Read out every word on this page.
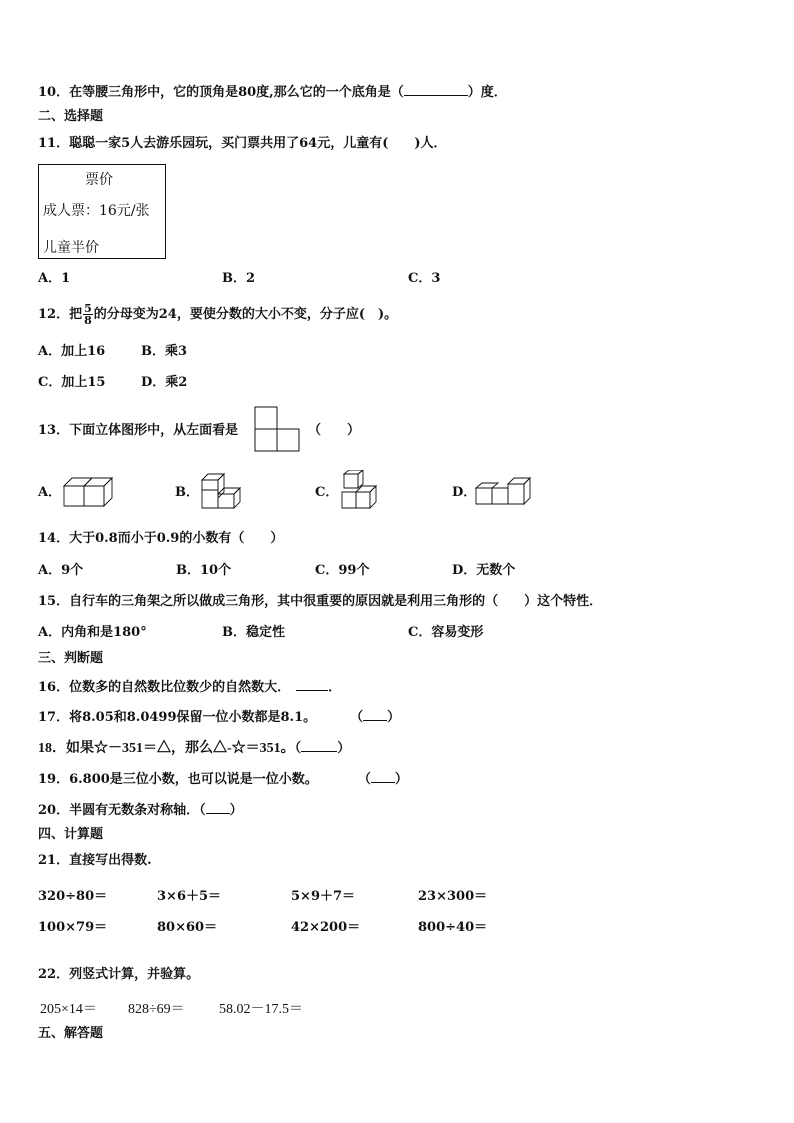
10．在等腰三角形中，它的顶角是80度,那么它的一个底角是（	）度．
二、选择题
11．聪聪一家5人去游乐园玩，买门票共用了64元，儿童有(　　)人．
票价
成人票：16元/张
儿童半价
A．1	B．2	C．3
12．把 $\frac{5}{8}$ 的分母变为24，要使分数的大小不变，分子应(　)。
A．加上16	B．乘3
C．加上15	D．乘2
13．下面立体图形中，从左面看是	（　　）
A．	B．	C．	D．
14．大于0.8而小于0.9的小数有（　　）
A．9个	B．10个	C．99个	D．无数个
15．自行车的三角架之所以做成三角形，其中很重要的原因就是利用三角形的（　　）这个特性．
A．内角和是180°	B．稳定性	C．容易变形
三、判断题
16．位数多的自然数比位数少的自然数大．	．
17．将8.05和8.0499保留一位小数都是8.1。	（ ）
18．如果☆－351＝△，那么△-☆＝351。（	）
19．6.800是三位小数，也可以说是一位小数。	（ ）
20．半圆有无数条对称轴．（ ）
四、计算题
21．直接写出得数.
320÷80＝	3×6＋5＝	5×9＋7＝	23×300＝
100×79＝	80×60＝	42×200＝	800÷40＝
22．列竖式计算，并验算。
205×14＝ 828÷69＝ 58.02－17.5＝
五、解答题
